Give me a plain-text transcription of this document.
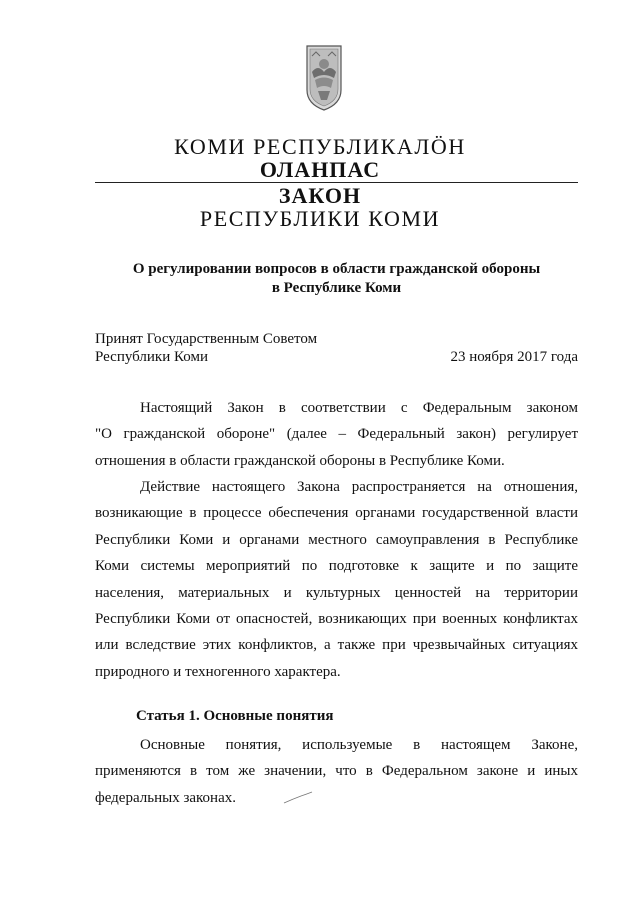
КОМИ РЕСПУБЛИКАЛӦН
ОЛАНПАС
ЗАКОН
РЕСПУБЛИКИ КОМИ
О регулировании вопросов в области гражданской обороны
в Республике Коми
Принят Государственным Советом
Республики Коми	23 ноября 2017 года
Настоящий Закон в соответствии с Федеральным законом
"О гражданской обороне" (далее – Федеральный закон) регулирует
отношения в области гражданской обороны в Республике Коми.
Действие настоящего Закона распространяется на отношения,
возникающие в процессе обеспечения органами государственной власти
Республики Коми и органами местного самоуправления в Республике
Коми системы мероприятий по подготовке к защите и по защите
населения, материальных и культурных ценностей на территории
Республики Коми от опасностей, возникающих при военных конфликтах
или вследствие этих конфликтов, а также при чрезвычайных ситуациях
природного и техногенного характера.
Статья 1. Основные понятия
Основные понятия, используемые в настоящем Законе,
применяются в том же значении, что в Федеральном законе и иных
федеральных законах.
